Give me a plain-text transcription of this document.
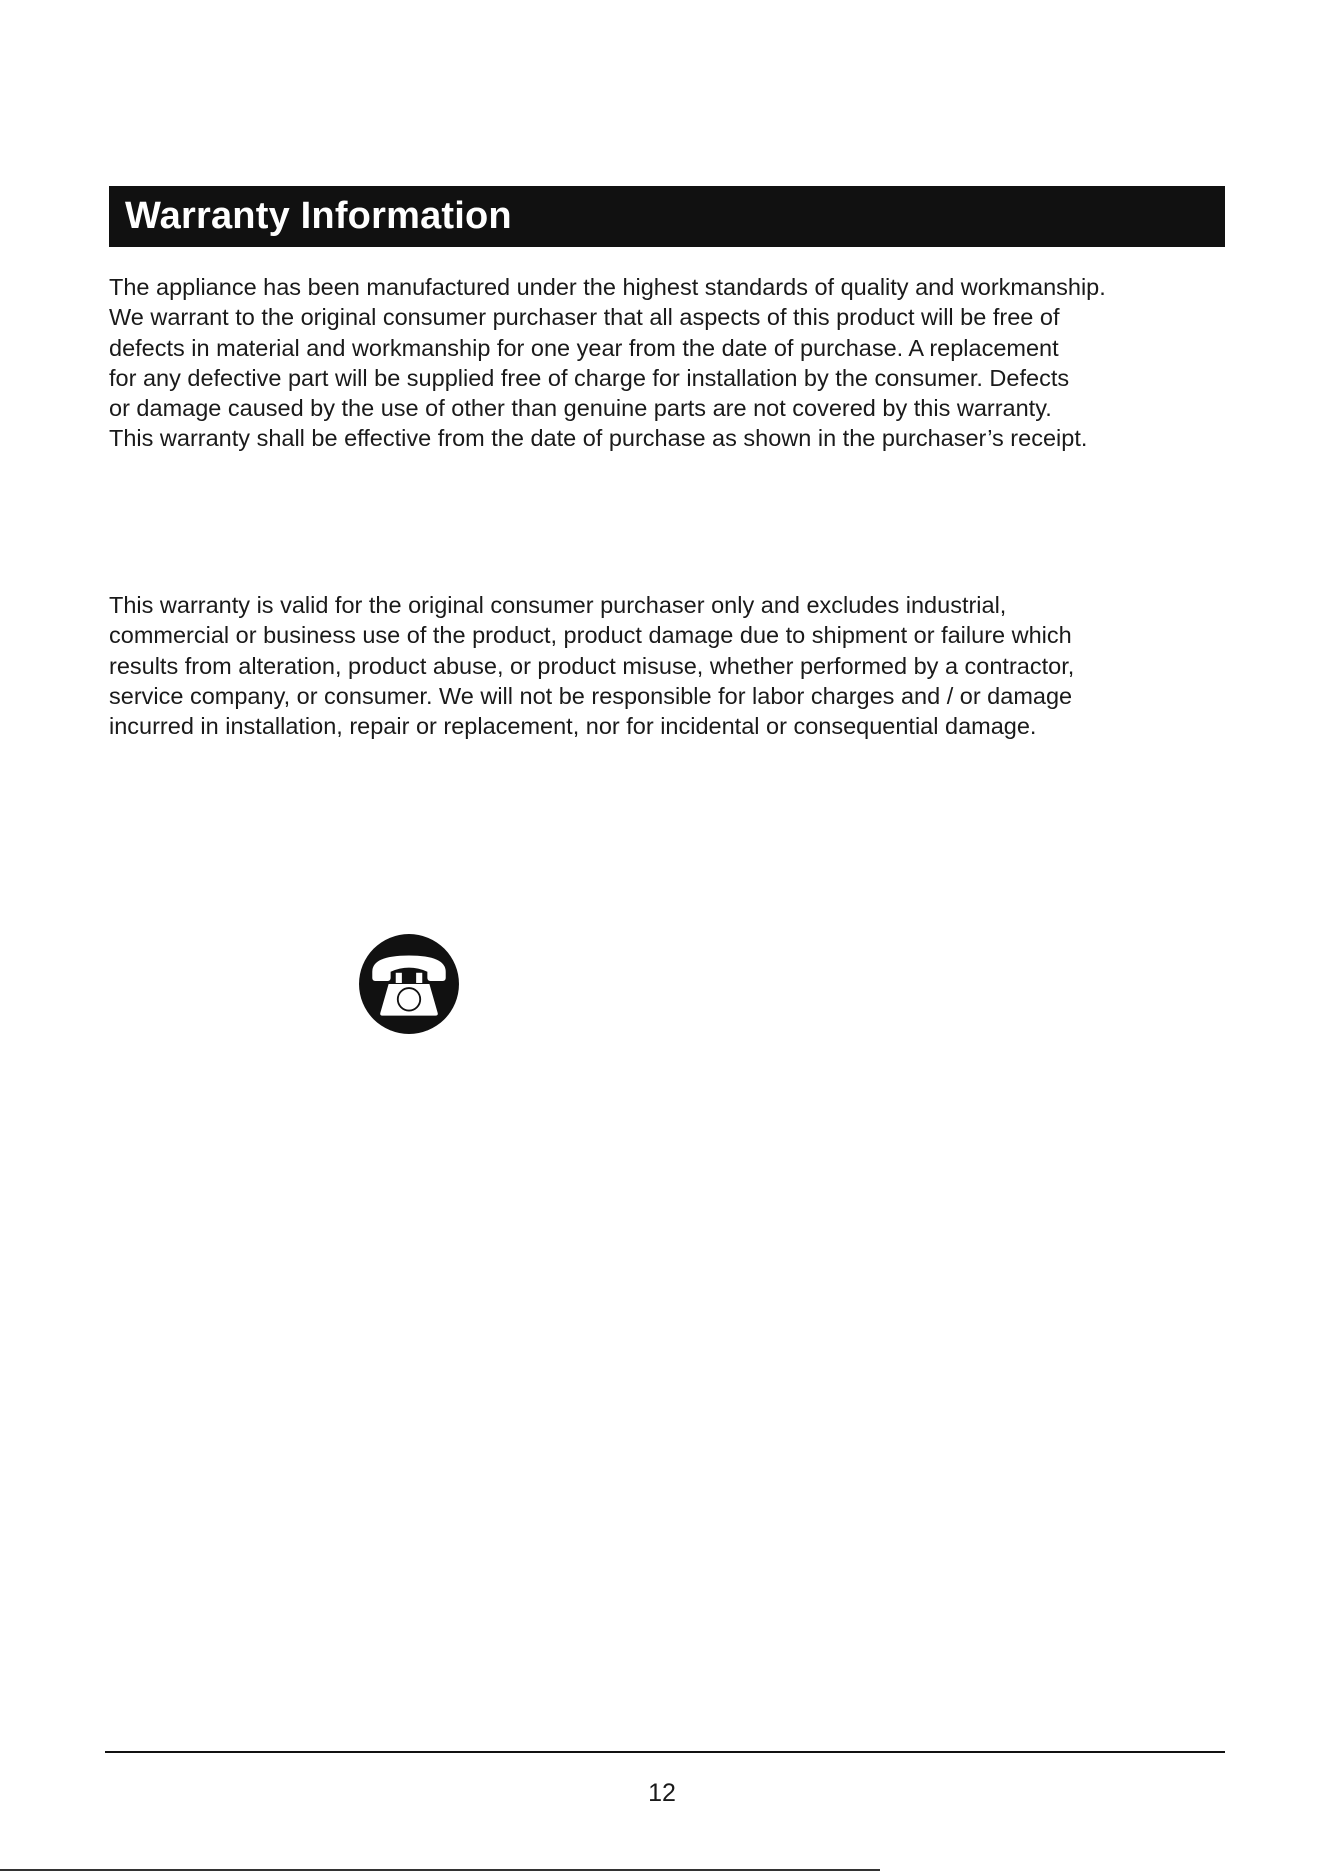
Warranty Information

The appliance has been manufactured under the highest standards of quality and workmanship.
We warrant to the original consumer purchaser that all aspects of this product will be free of
defects in material and workmanship for one year from the date of purchase. A replacement
for any defective part will be supplied free of charge for installation by the consumer. Defects
or damage caused by the use of other than genuine parts are not covered by this warranty.
This warranty shall be effective from the date of purchase as shown in the purchaser’s receipt.

This warranty is valid for the original consumer purchaser only and excludes industrial,
commercial or business use of the product, product damage due to shipment or failure which
results from alteration, product abuse, or product misuse, whether performed by a contractor,
service company, or consumer. We will not be responsible for labor charges and / or damage
incurred in installation, repair or replacement, nor for incidental or consequential damage.

12
